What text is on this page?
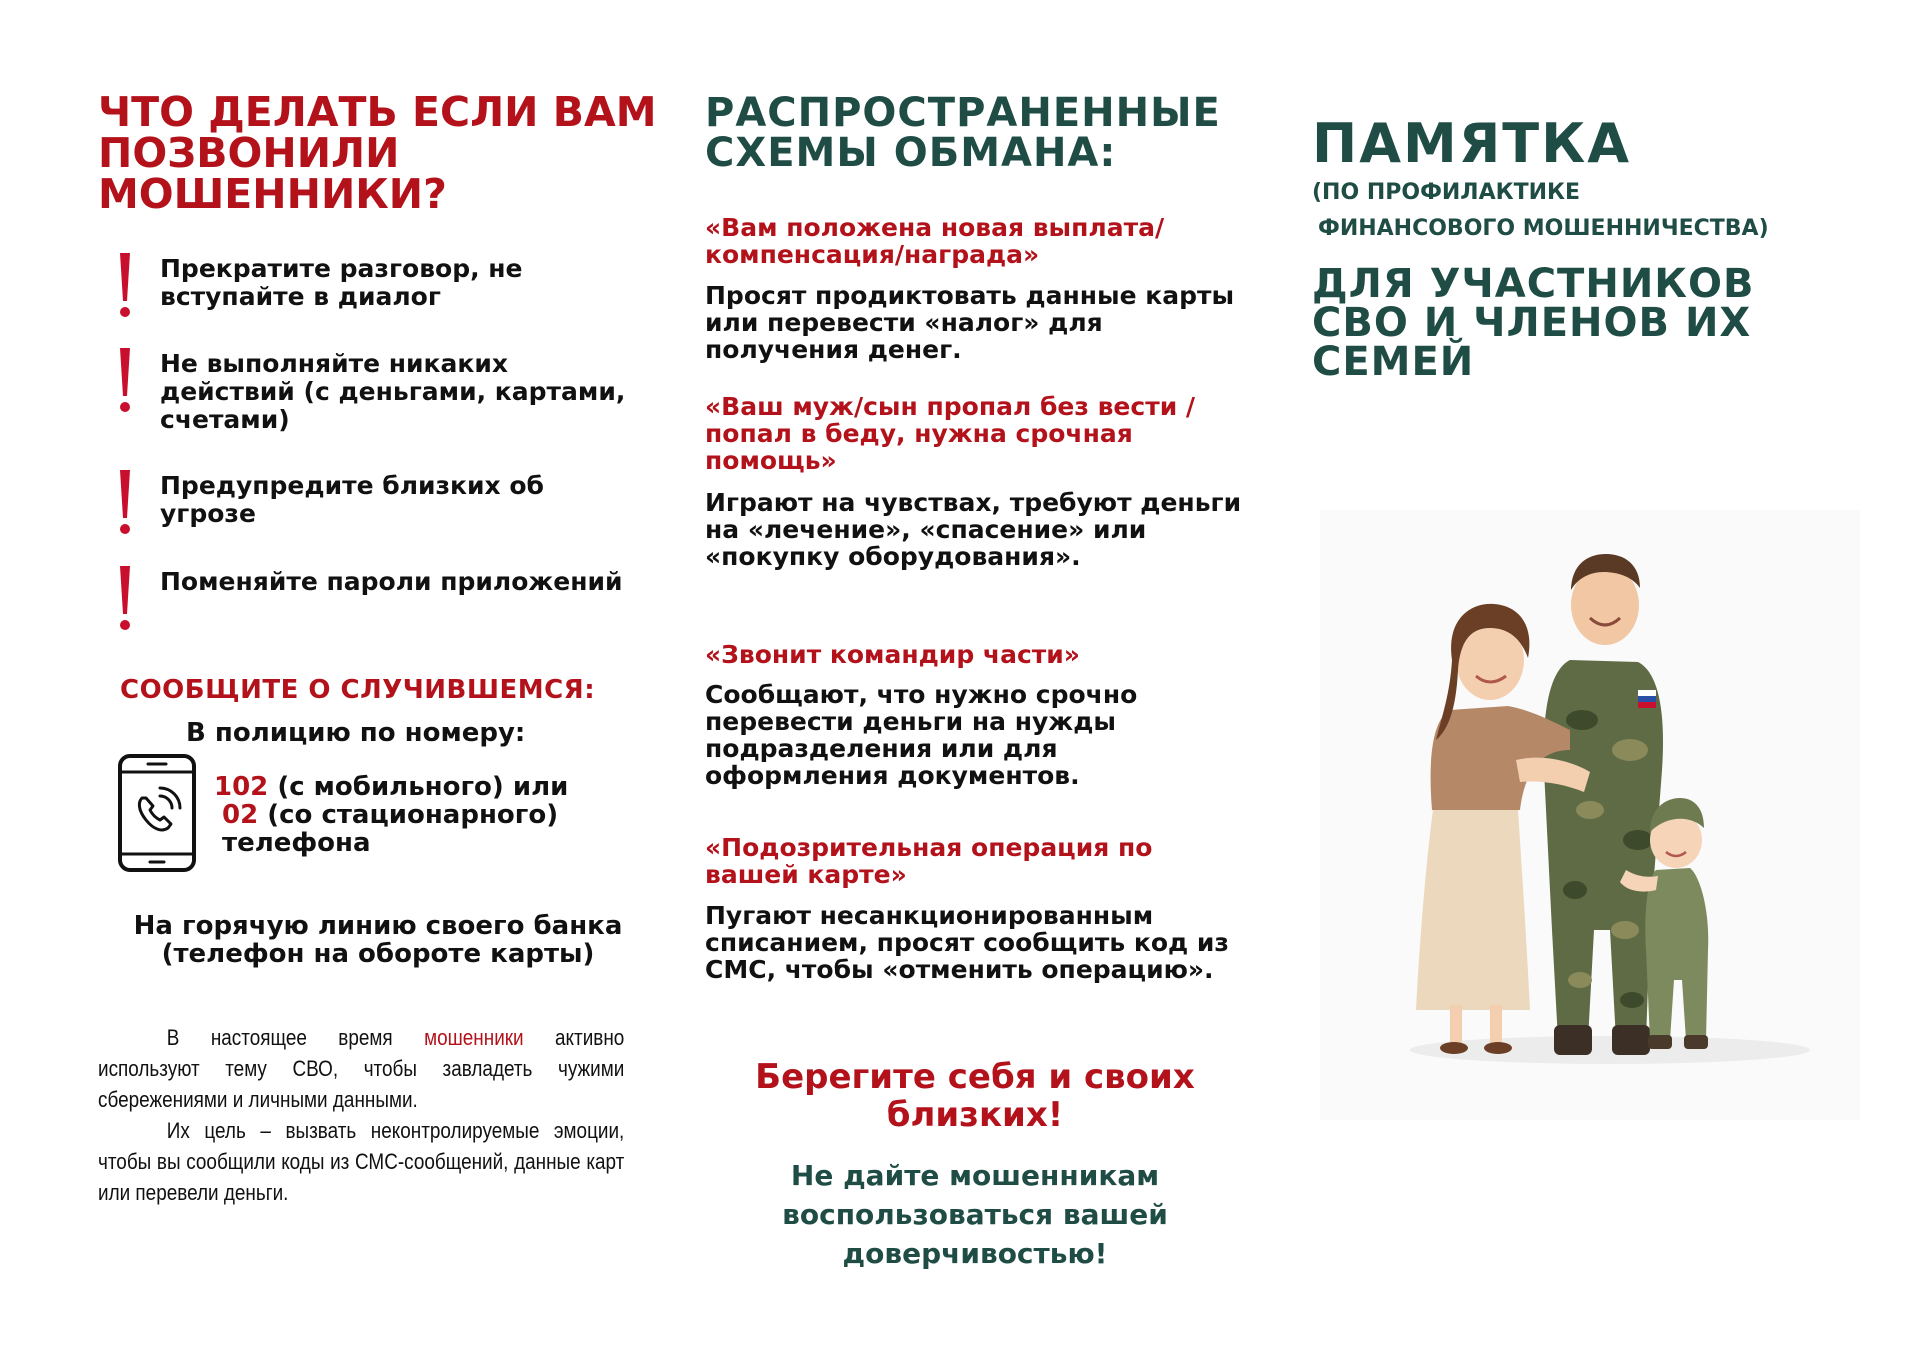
ЧТО ДЕЛАТЬ ЕСЛИ ВАМ ПОЗВОНИЛИ МОШЕННИКИ?
Прекратите разговор, не вступайте в диалог
Не выполняйте никаких действий (с деньгами, картами, счетами)
Предупредите близких об угрозе
Поменяйте пароли приложений
СООБЩИТЕ О СЛУЧИВШЕМСЯ:
В полицию по номеру:
102 (с мобильного) или
02 (со стационарного)
телефона
На горячую линию своего банка (телефон на обороте карты)

В настоящее время мошенники активно используют тему СВО, чтобы завладеть чужими сбережениями и личными данными.

Их цель – вызвать неконтролируемые эмоции, чтобы вы сообщили коды из СМС-сообщений, данные карт или перевели деньги.

РАСПРОСТРАНЕННЫЕ СХЕМЫ ОБМАНА:
«Вам положена новая выплата/компенсация/награда»
Просят продиктовать данные карты или перевести «налог» для получения денег.
«Ваш муж/сын пропал без вести / попал в беду, нужна срочная помощь»
Играют на чувствах, требуют деньги на «лечение», «спасение» или «покупку оборудования».
«Звонит командир части»
Сообщают, что нужно срочно перевести деньги на нужды подразделения или для оформления документов.
«Подозрительная операция по вашей карте»
Пугают несанкционированным списанием, просят сообщить код из СМС, чтобы «отменить операцию».
Берегите себя и своих близких!
Не дайте мошенникам воспользоваться вашей доверчивостью!
ПАМЯТКА
(ПО ПРОФИЛАКТИКЕ
ФИНАНСОВОГО МОШЕННИЧЕСТВА)
ДЛЯ УЧАСТНИКОВ СВО И ЧЛЕНОВ ИХ СЕМЕЙ
